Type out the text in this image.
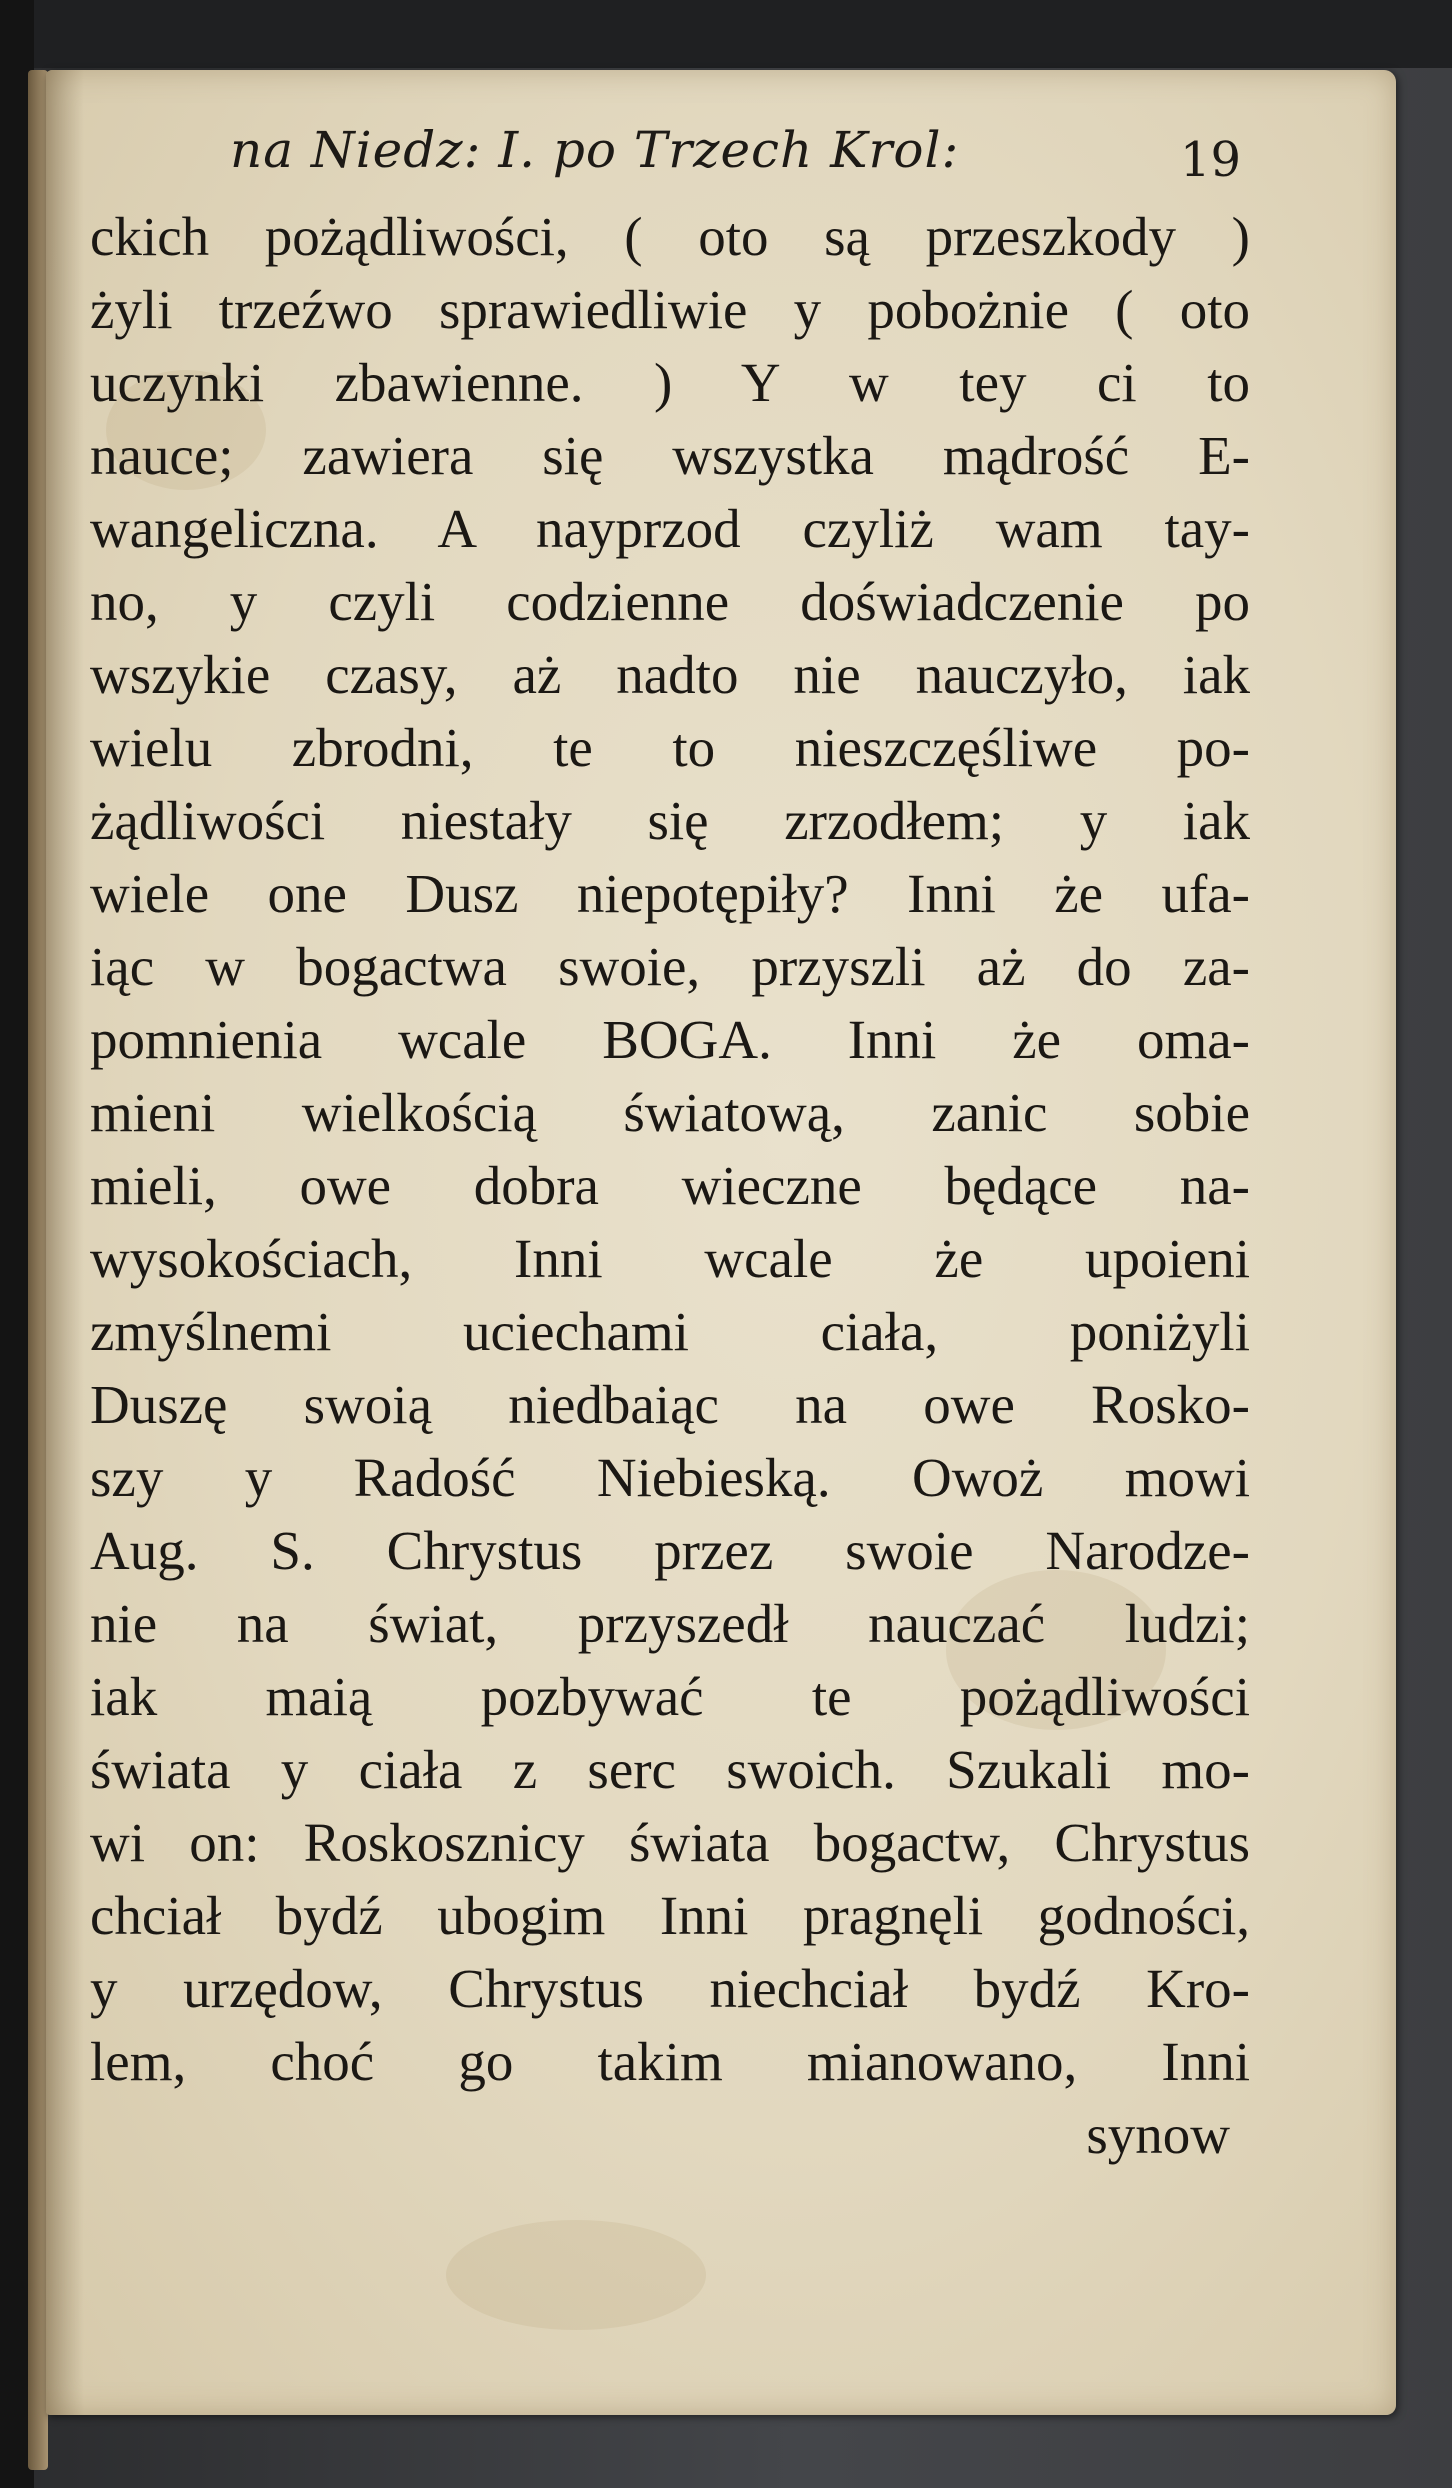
na Niedz: I. po Trzech Krol:	19
ckich pożądliwości, ( oto są przeszkody )
żyli trzeźwo sprawiedliwie y pobożnie ( oto
uczynki zbawienne. ) Y w tey ci to
nauce; zawiera się wszystka mądrość E-
wangeliczna. A nayprzod czyliż wam tay-
no, y czyli codzienne doświadczenie po
wszykie czasy, aż nadto nie nauczyło, iak
wielu zbrodni, te to nieszczęśliwe po-
żądliwości niestały się zrzodłem; y iak
wiele one Dusz niepotępiły? Inni że ufa-
iąc w bogactwa swoie, przyszli aż do za-
pomnienia wcale BOGA. Inni że oma-
mieni wielkością światową, zanic sobie
mieli, owe dobra wieczne będące na-
wysokościach, Inni wcale że upoieni
zmyślnemi uciechami ciała, poniżyli
Duszę swoią niedbaiąc na owe Rosko-
szy y Radość Niebieską. Owoż mowi
Aug. S. Chrystus przez swoie Narodze-
nie na świat, przyszedł nauczać ludzi;
iak maią pozbywać te pożądliwości
świata y ciała z serc swoich. Szukali mo-
wi on: Roskosznicy świata bogactw, Chrystus
chciał bydź ubogim Inni pragnęli godności,
y urzędow, Chrystus niechciał bydź Kro-
lem, choć go takim mianowano, Inni
synow
